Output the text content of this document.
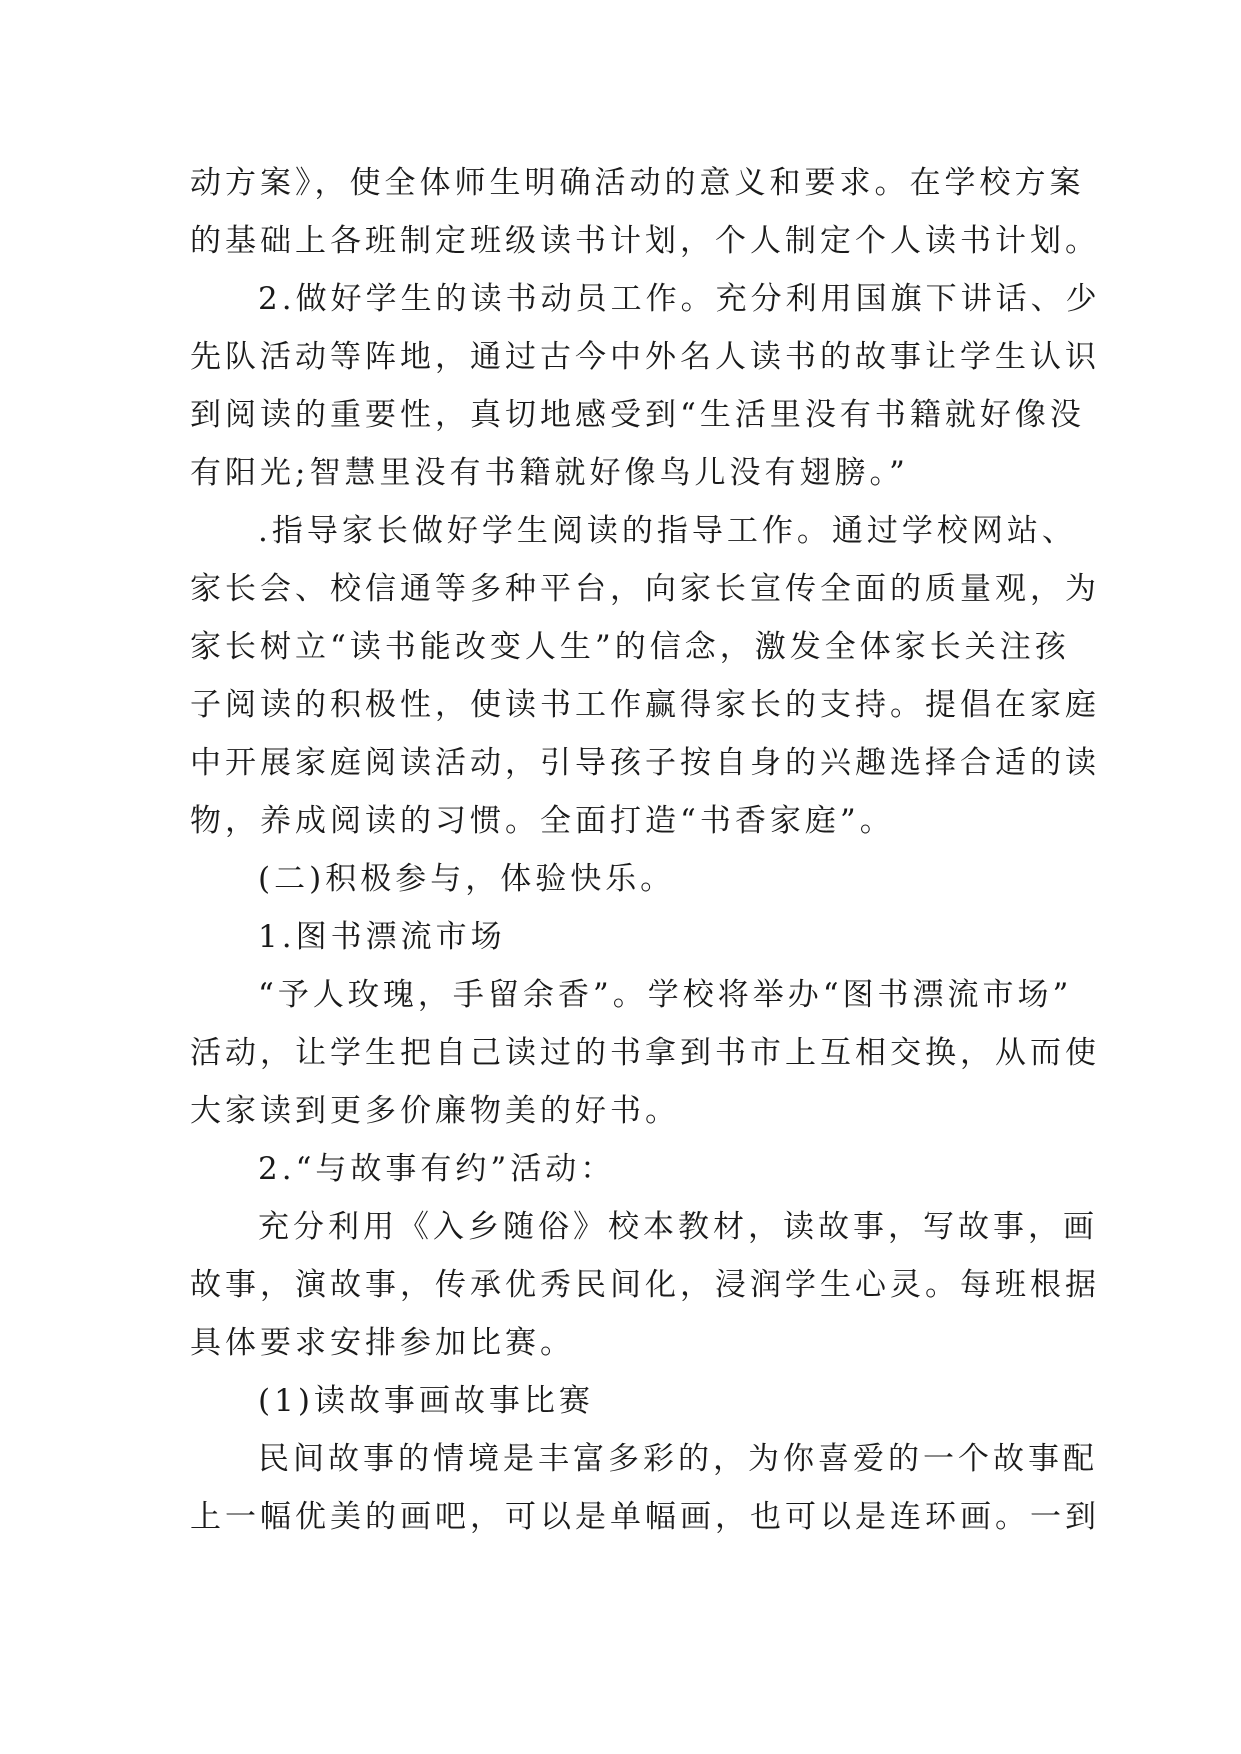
动方案》，使全体师生明确活动的意义和要求。在学校方案
的基础上各班制定班级读书计划，个人制定个人读书计划。
2.做好学生的读书动员工作。充分利用国旗下讲话、少
先队活动等阵地，通过古今中外名人读书的故事让学生认识
到阅读的重要性，真切地感受到“生活里没有书籍就好像没
有阳光;智慧里没有书籍就好像鸟儿没有翅膀。”
.指导家长做好学生阅读的指导工作。通过学校网站、
家长会、校信通等多种平台，向家长宣传全面的质量观，为
家长树立“读书能改变人生”的信念，激发全体家长关注孩
子阅读的积极性，使读书工作赢得家长的支持。提倡在家庭
中开展家庭阅读活动，引导孩子按自身的兴趣选择合适的读
物，养成阅读的习惯。全面打造“书香家庭”。
(二)积极参与，体验快乐。
1.图书漂流市场
“予人玫瑰，手留余香”。学校将举办“图书漂流市场”
活动，让学生把自己读过的书拿到书市上互相交换，从而使
大家读到更多价廉物美的好书。
2.“与故事有约”活动：
充分利用《入乡随俗》校本教材，读故事，写故事，画
故事，演故事，传承优秀民间化，浸润学生心灵。每班根据
具体要求安排参加比赛。
(1)读故事画故事比赛
民间故事的情境是丰富多彩的，为你喜爱的一个故事配
上一幅优美的画吧，可以是单幅画，也可以是连环画。一到
